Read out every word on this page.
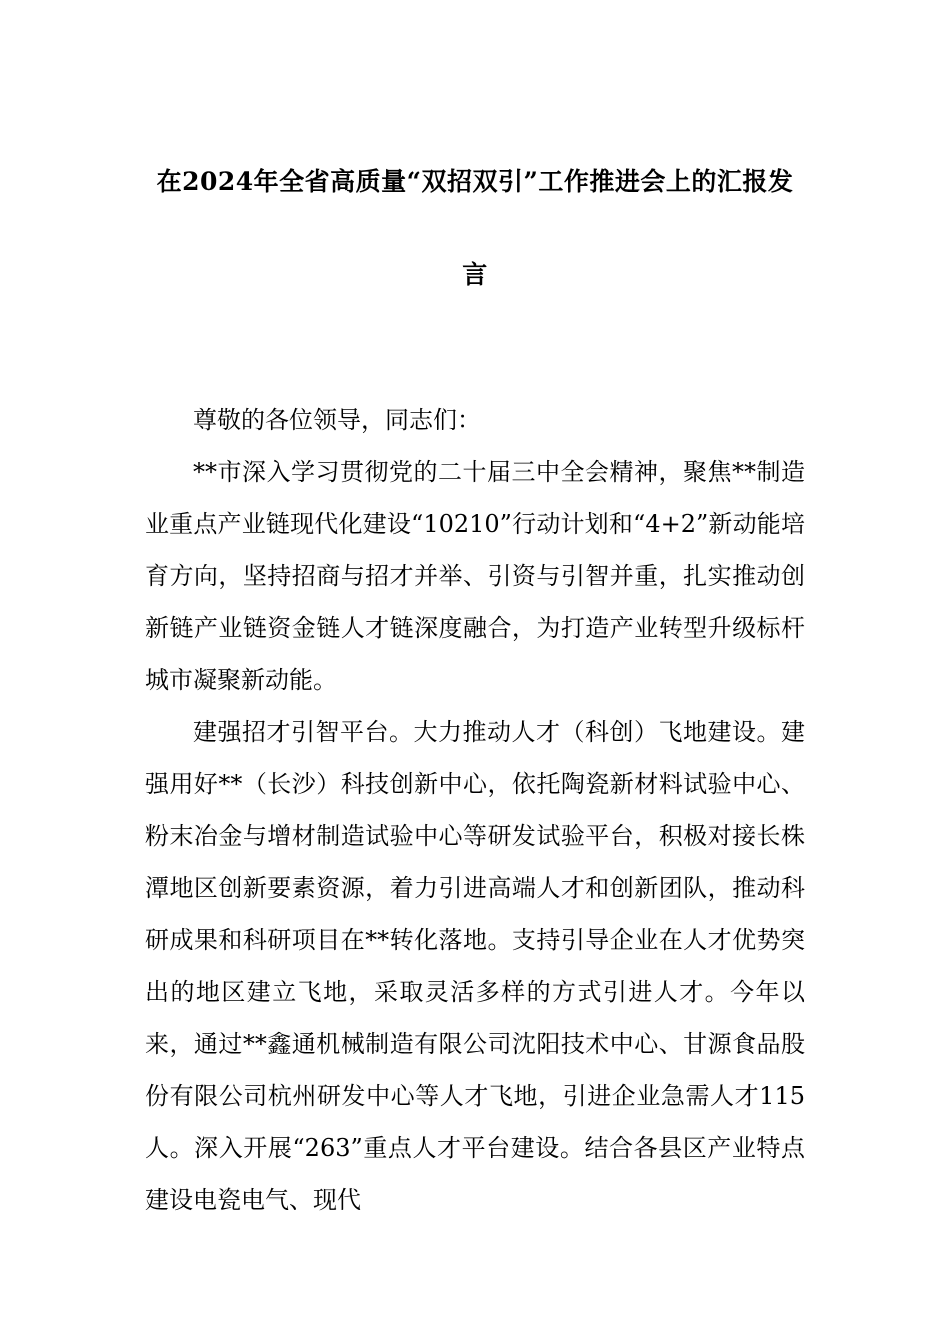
在2024年全省高质量“双招双引”工作推进会上的汇报发
言

尊敬的各位领导，同志们：

**市深入学习贯彻党的二十届三中全会精神，聚焦**制造业重点产业链现代化建设“10210”行动计划和“4+2”新动能培育方向，坚持招商与招才并举、引资与引智并重，扎实推动创新链产业链资金链人才链深度融合，为打造产业转型升级标杆城市凝聚新动能。

建强招才引智平台。大力推动人才（科创）飞地建设。建强用好**（长沙）科技创新中心，依托陶瓷新材料试验中心、粉末冶金与增材制造试验中心等研发试验平台，积极对接长株潭地区创新要素资源，着力引进高端人才和创新团队，推动科研成果和科研项目在**转化落地。支持引导企业在人才优势突出的地区建立飞地，采取灵活多样的方式引进人才。今年以来，通过**鑫通机械制造有限公司沈阳技术中心、甘源食品股份有限公司杭州研发中心等人才飞地，引进企业急需人才115人。深入开展“263”重点人才平台建设。结合各县区产业特点建设电瓷电气、现代
